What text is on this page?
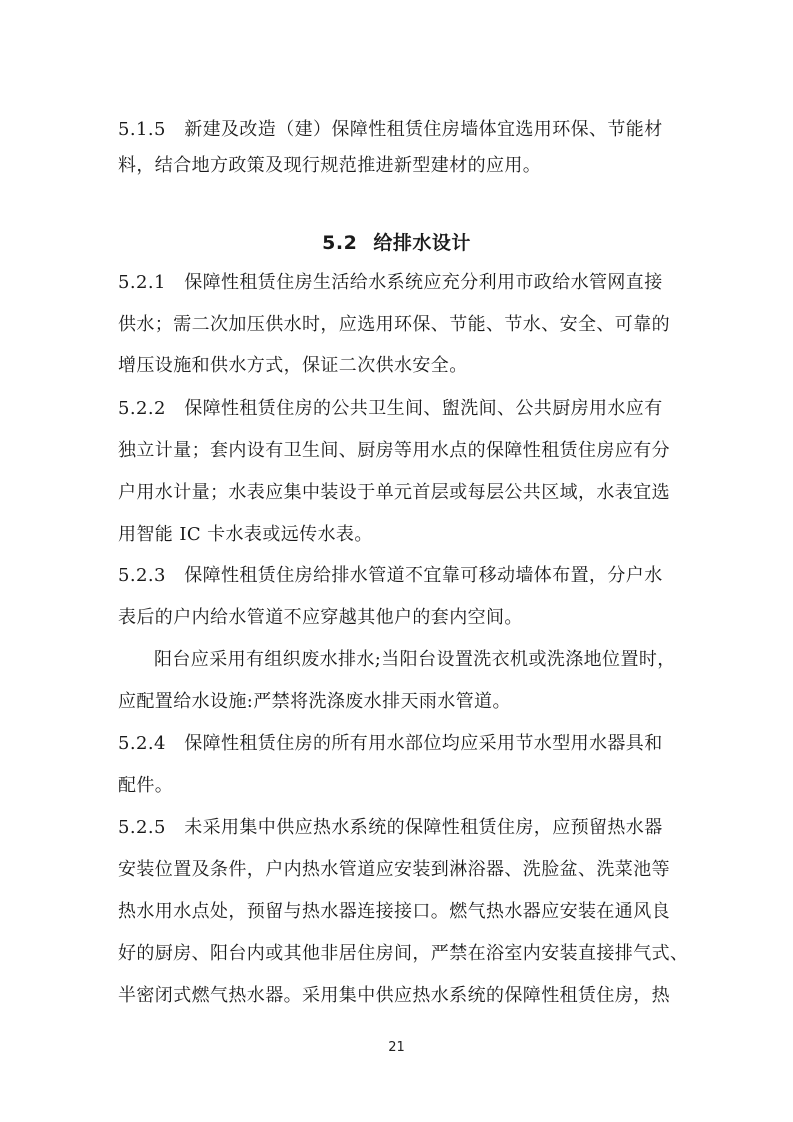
5.1.5　新建及改造（建）保障性租赁住房墙体宜选用环保、节能材
料，结合地方政策及现行规范推进新型建材的应用。
5.2 给排水设计
5.2.1　保障性租赁住房生活给水系统应充分利用市政给水管网直接
供水；需二次加压供水时，应选用环保、节能、节水、安全、可靠的
增压设施和供水方式，保证二次供水安全。
5.2.2　保障性租赁住房的公共卫生间、盥洗间、公共厨房用水应有
独立计量；套内设有卫生间、厨房等用水点的保障性租赁住房应有分
户用水计量；水表应集中装设于单元首层或每层公共区域，水表宜选
用智能 IC 卡水表或远传水表。
5.2.3　保障性租赁住房给排水管道不宜靠可移动墙体布置，分户水
表后的户内给水管道不应穿越其他户的套内空间。
阳台应采用有组织废水排水;当阳台设置洗衣机或洗涤地位置时，
应配置给水设施:严禁将洗涤废水排天雨水管道。
5.2.4　保障性租赁住房的所有用水部位均应采用节水型用水器具和
配件。
5.2.5　未采用集中供应热水系统的保障性租赁住房，应预留热水器
安装位置及条件，户内热水管道应安装到淋浴器、洗脸盆、洗菜池等
热水用水点处，预留与热水器连接接口。燃气热水器应安装在通风良
好的厨房、阳台内或其他非居住房间，严禁在浴室内安装直接排气式、
半密闭式燃气热水器。采用集中供应热水系统的保障性租赁住房，热
21
